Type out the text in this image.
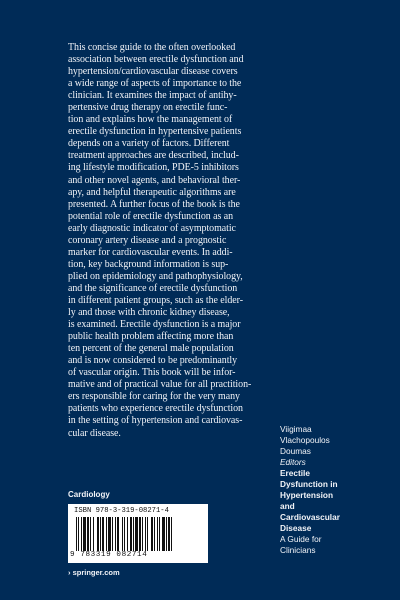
This concise guide to the often overlooked
association between erectile dysfunction and
hypertension/cardiovascular disease covers
a wide range of aspects of importance to the
clinician. It examines the impact of antihy-
pertensive drug therapy on erectile func-
tion and explains how the management of
erectile dysfunction in hypertensive patients
depends on a variety of factors. Different
treatment approaches are described, includ-
ing lifestyle modification, PDE-5 inhibitors
and other novel agents, and behavioral ther-
apy, and helpful therapeutic algorithms are
presented. A further focus of the book is the
potential role of erectile dysfunction as an
early diagnostic indicator of asymptomatic
coronary artery disease and a prognostic
marker for cardiovascular events. In addi-
tion, key background information is sup-
plied on epidemiology and pathophysiology,
and the significance of erectile dysfunction
in different patient groups, such as the elder-
ly and those with chronic kidney disease,
is examined. Erectile dysfunction is a major
public health problem affecting more than
ten percent of the general male population
and is now considered to be predominantly
of vascular origin. This book will be infor-
mative and of practical value for all practition-
ers responsible for caring for the very many
patients who experience erectile dysfunction
in the setting of hypertension and cardiovas-
cular disease.	Viigimaa
Vlachopoulos
Doumas
Editors
Erectile
Dysfunction in
Hypertension
and
Cardiovascular
Disease
A Guide for
Clinicians
Cardiology
ISBN 978-3-319-08271-4
9 783319 082714
› springer.com
